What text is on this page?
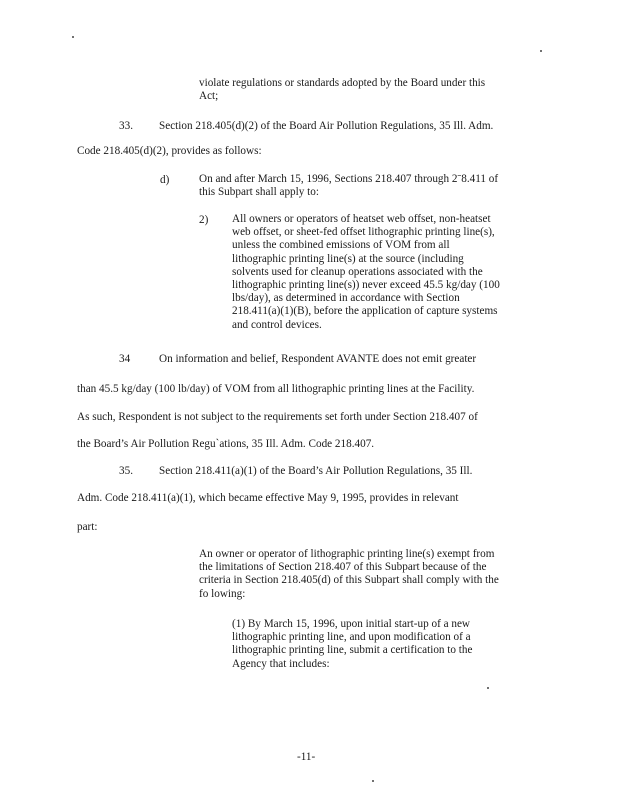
violate regulations or standards adopted by the Board under this
Act;
33. Section 218.405(d)(2) of the Board Air Pollution Regulations, 35 Ill. Adm.
Code 218.405(d)(2), provides as follows:
d)	On and after March 15, 1996, Sections 218.407 through 2ˉ8.411 of
this Subpart shall apply to:
2) All owners or operators of heatset web offset, non-heatset
web offset, or sheet-fed offset lithographic printing line(s),
unless the combined emissions of VOM from all
lithographic printing line(s) at the source (including
solvents used for cleanup operations associated with the
lithographic printing line(s)) never exceed 45.5 kg/day (100
lbs/day), as determined in accordance with Section
218.411(a)(1)(B), before the application of capture systems
and control devices.
34	On information and belief, Respondent AVANTE does not emit greater
than 45.5 kg/day (100 lb/day) of VOM from all lithographic printing lines at the Facility.
As such, Respondent is not subject to the requirements set forth under Section 218.407 of
the Board’s Air Pollution Reguˋations, 35 Ill. Adm. Code 218.407.
35. Section 218.411(a)(1) of the Board’s Air Pollution Regulations, 35 Ill.
Adm. Code 218.411(a)(1), which became effective May 9, 1995, provides in relevant
part:
An owner or operator of lithographic printing line(s) exempt from
the limitations of Section 218.407 of this Subpart because of the
criteria in Section 218.405(d) of this Subpart shall comply with the
fo lowing:
(1) By March 15, 1996, upon initial start-up of a new
lithographic printing line, and upon modification of a
lithographic printing line, submit a certification to the
Agency that includes:
-11-
